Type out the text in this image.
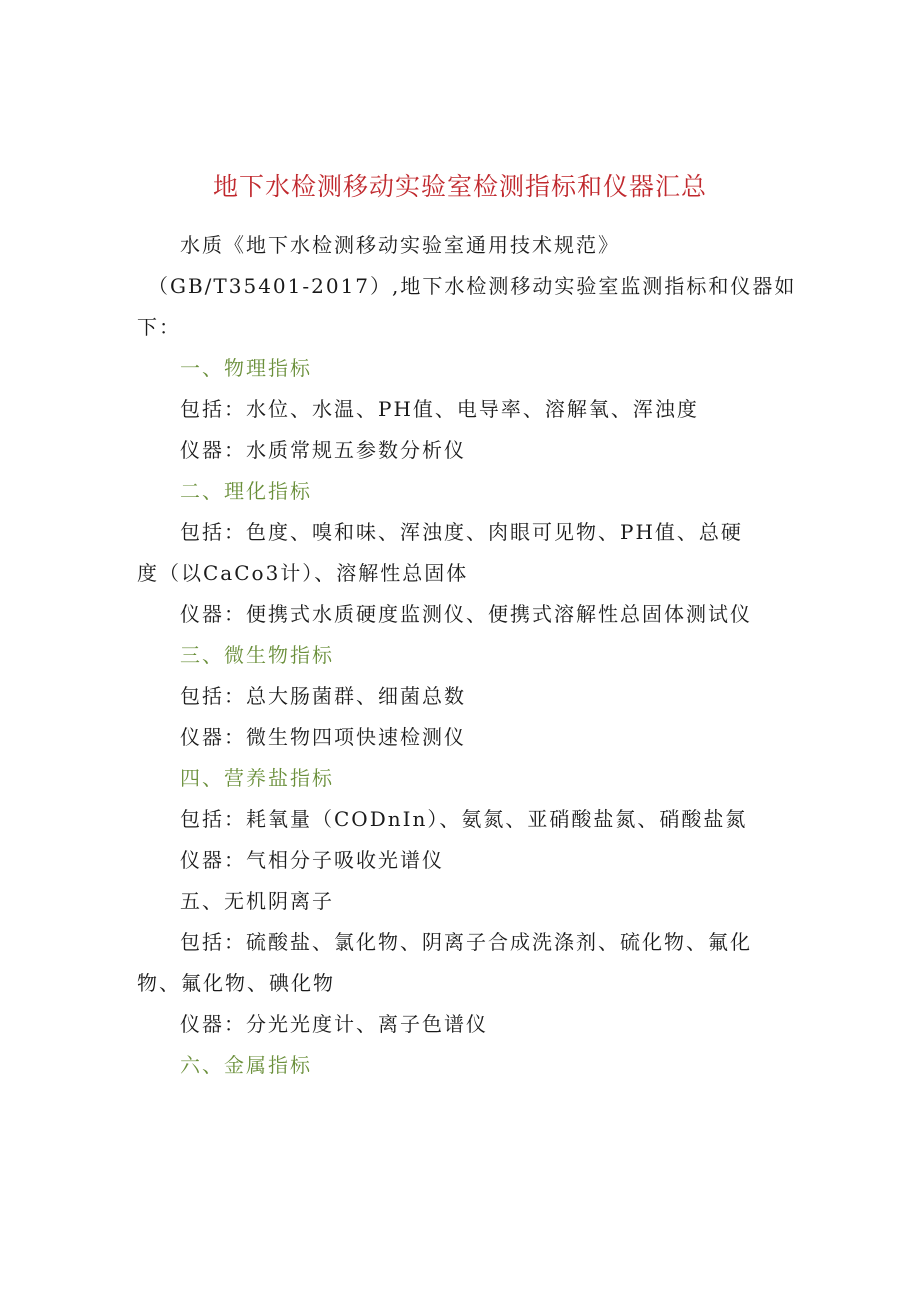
地下水检测移动实验室检测指标和仪器汇总
水质《地下水检测移动实验室通用技术规范》
（GB/T35401-2017）,地下水检测移动实验室监测指标和仪器如
下：
一、物理指标
包括：水位、水温、PH值、电导率、溶解氧、浑浊度
仪器：水质常规五参数分析仪
二、理化指标
包括：色度、嗅和味、浑浊度、肉眼可见物、PH值、总硬
度（以CaCo3计）、溶解性总固体
仪器：便携式水质硬度监测仪、便携式溶解性总固体测试仪
三、微生物指标
包括：总大肠菌群、细菌总数
仪器：微生物四项快速检测仪
四、营养盐指标
包括：耗氧量（CODnIn）、氨氮、亚硝酸盐氮、硝酸盐氮
仪器：气相分子吸收光谱仪
五、无机阴离子
包括：硫酸盐、氯化物、阴离子合成洗涤剂、硫化物、氟化
物、氟化物、碘化物
仪器：分光光度计、离子色谱仪
六、金属指标
